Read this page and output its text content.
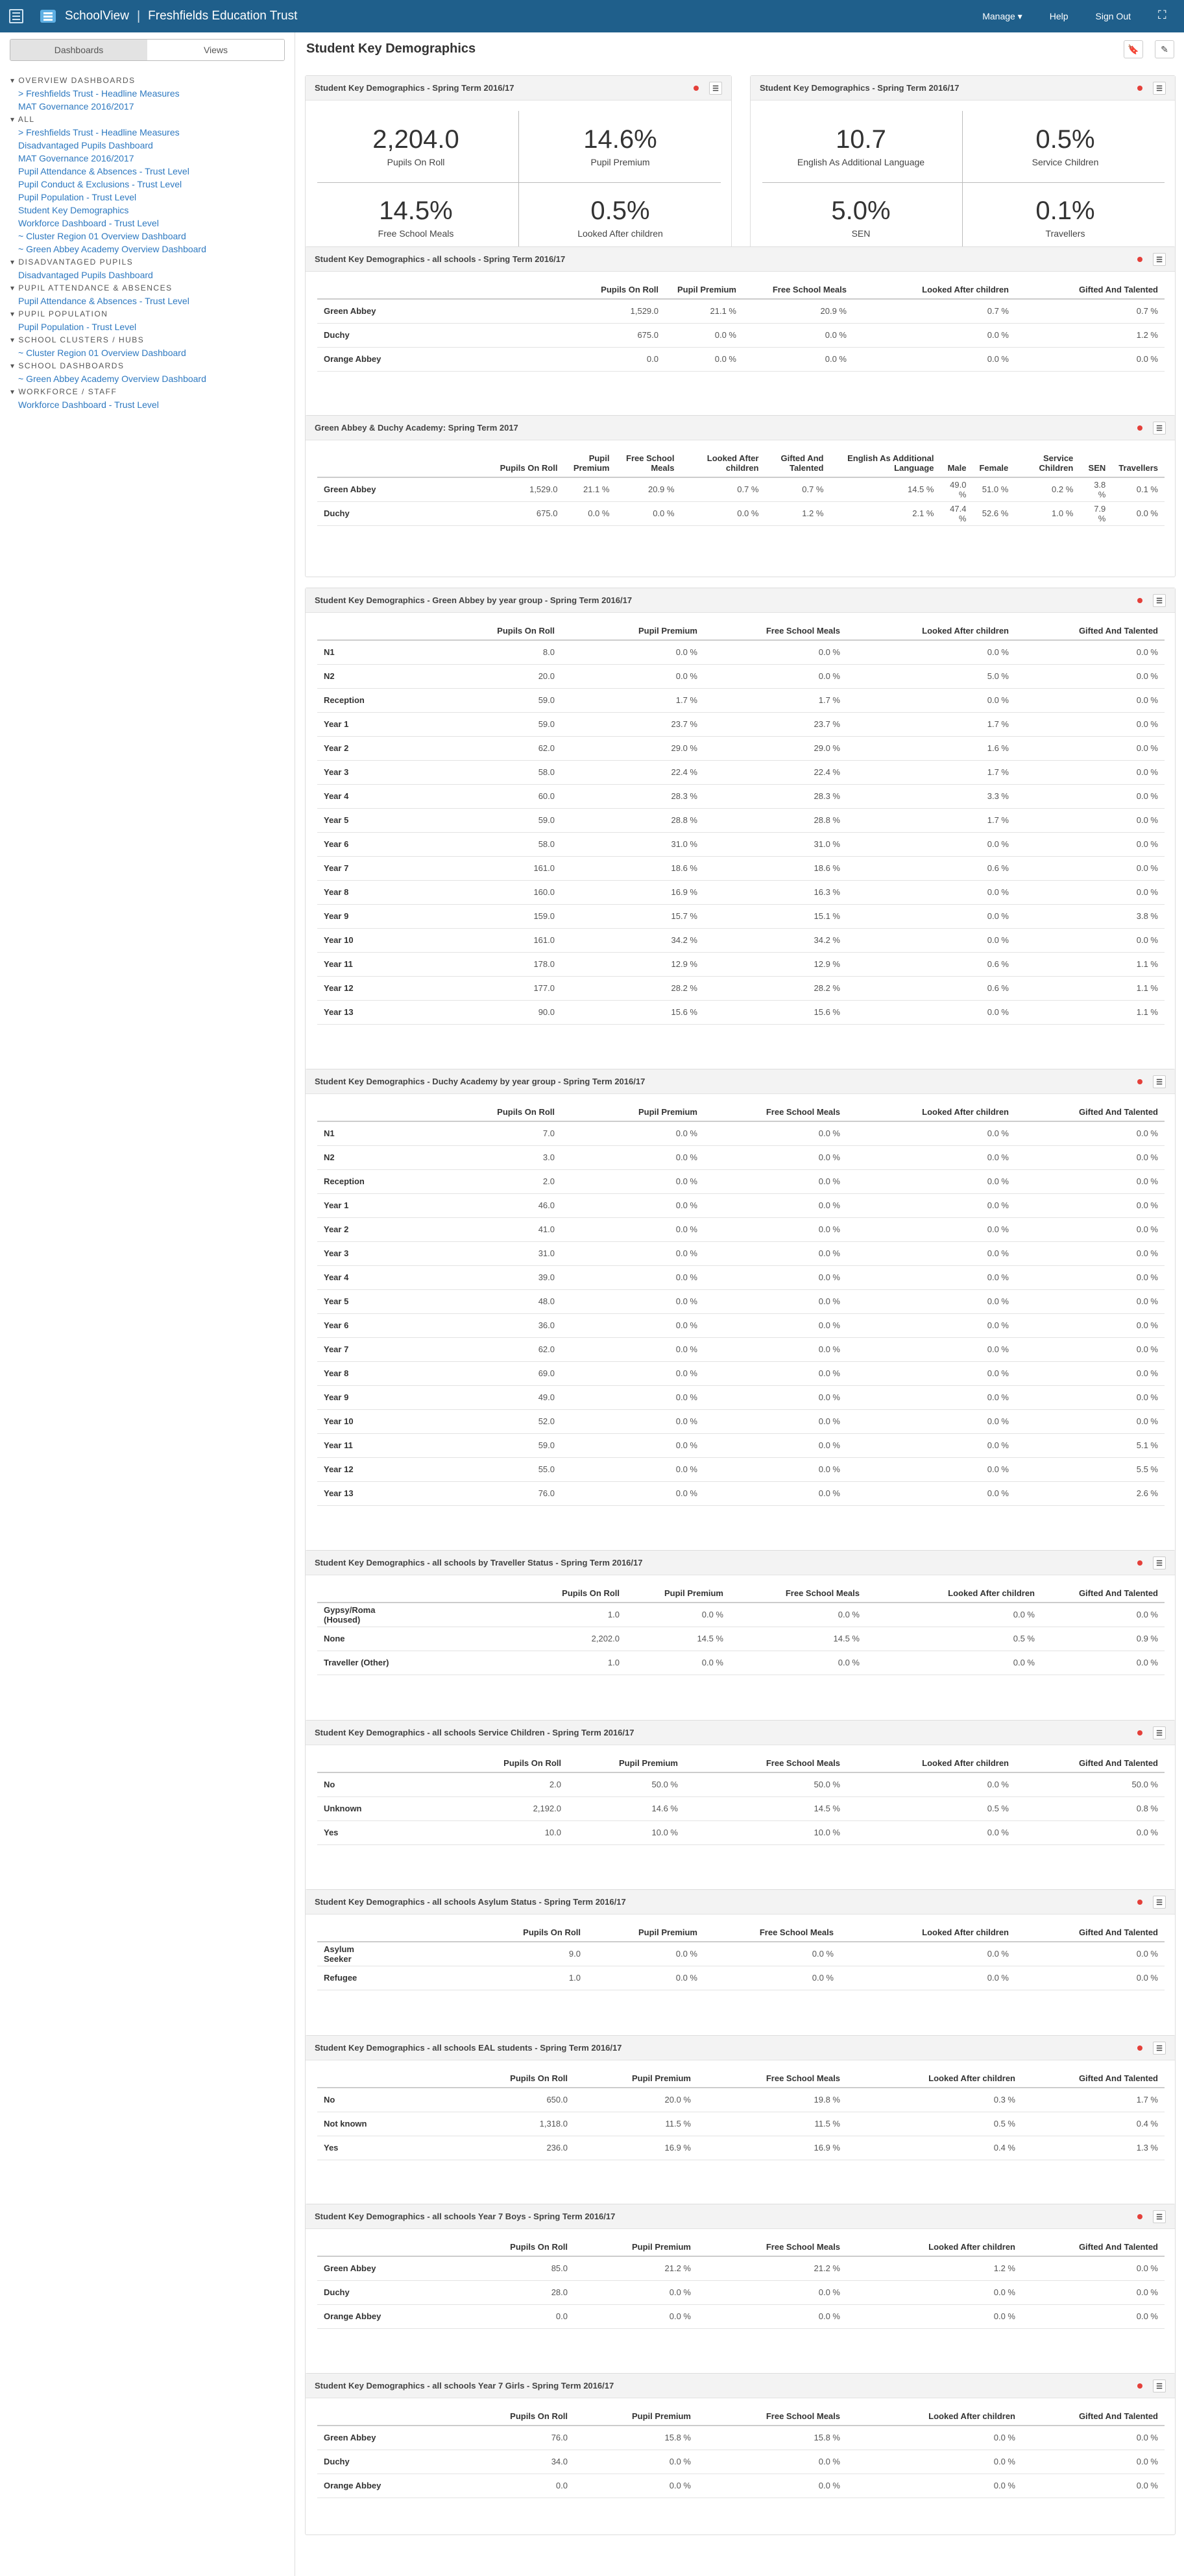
SchoolView | Freshfields Education Trust	Manage ▾	Help	Sign Out
⛶
Dashboards	Views
▾ OVERVIEW DASHBOARDS
> Freshfields Trust - Headline Measures
MAT Governance 2016/2017
▾ ALL
> Freshfields Trust - Headline Measures
Disadvantaged Pupils Dashboard
MAT Governance 2016/2017
Pupil Attendance & Absences - Trust Level
Pupil Conduct & Exclusions - Trust Level
Pupil Population - Trust Level
Student Key Demographics
Workforce Dashboard - Trust Level
~ Cluster Region 01 Overview Dashboard
~ Green Abbey Academy Overview Dashboard
▾ DISADVANTAGED PUPILS
Disadvantaged Pupils Dashboard
▾ PUPIL ATTENDANCE & ABSENCES
Pupil Attendance & Absences - Trust Level
▾ PUPIL POPULATION
Pupil Population - Trust Level
▾ SCHOOL CLUSTERS / HUBS
~ Cluster Region 01 Overview Dashboard
▾ SCHOOL DASHBOARDS
~ Green Abbey Academy Overview Dashboard
▾ WORKFORCE / STAFF
Workforce Dashboard - Trust Level
Student Key Demographics	🔖 ✎
Student Key Demographics - Spring Term 2016/17	☰
2,204.0
Pupils On Roll
14.6%
Pupil Premium
14.5%
Free School Meals
0.5%
Looked After children
Student Key Demographics - Spring Term 2016/17	☰
10.7
English As Additional Language
0.5%
Service Children
5.0%
SEN
0.1%
Travellers
Student Key Demographics - all schools - Spring Term 2016/17	☰
	Pupils On Roll	Pupil Premium	Free School Meals	Looked After children	Gifted And Talented
Green Abbey	1,529.0	21.1 %	20.9 %	0.7 %	0.7 %
Duchy	675.0	0.0 %	0.0 %	0.0 %	1.2 %
Orange Abbey	0.0	0.0 %	0.0 %	0.0 %	0.0 %
Green Abbey & Duchy Academy: Spring Term 2017	☰
	Pupils On Roll	Pupil Premium	Free School Meals	Looked After children	Gifted And Talented	English As Additional Language	Male	Female	Service Children	SEN	Travellers
Green Abbey	1,529.0	21.1 %	20.9 %	0.7 %	0.7 %	14.5 %	49.0 %	51.0 %	0.2 %	3.8 %	0.1 %
Duchy	675.0	0.0 %	0.0 %	0.0 %	1.2 %	2.1 %	47.4 %	52.6 %	1.0 %	7.9 %	0.0 %
Student Key Demographics - Green Abbey by year group - Spring Term 2016/17	☰
	Pupils On Roll	Pupil Premium	Free School Meals	Looked After children	Gifted And Talented
N1	8.0	0.0 %	0.0 %	0.0 %	0.0 %
N2	20.0	0.0 %	0.0 %	5.0 %	0.0 %
Reception	59.0	1.7 %	1.7 %	0.0 %	0.0 %
Year 1	59.0	23.7 %	23.7 %	1.7 %	0.0 %
Year 2	62.0	29.0 %	29.0 %	1.6 %	0.0 %
Year 3	58.0	22.4 %	22.4 %	1.7 %	0.0 %
Year 4	60.0	28.3 %	28.3 %	3.3 %	0.0 %
Year 5	59.0	28.8 %	28.8 %	1.7 %	0.0 %
Year 6	58.0	31.0 %	31.0 %	0.0 %	0.0 %
Year 7	161.0	18.6 %	18.6 %	0.6 %	0.0 %
Year 8	160.0	16.9 %	16.3 %	0.0 %	0.0 %
Year 9	159.0	15.7 %	15.1 %	0.0 %	3.8 %
Year 10	161.0	34.2 %	34.2 %	0.0 %	0.0 %
Year 11	178.0	12.9 %	12.9 %	0.6 %	1.1 %
Year 12	177.0	28.2 %	28.2 %	0.6 %	1.1 %
Year 13	90.0	15.6 %	15.6 %	0.0 %	1.1 %
Student Key Demographics - Duchy Academy by year group - Spring Term 2016/17	☰
	Pupils On Roll	Pupil Premium	Free School Meals	Looked After children	Gifted And Talented
N1	7.0	0.0 %	0.0 %	0.0 %	0.0 %
N2	3.0	0.0 %	0.0 %	0.0 %	0.0 %
Reception	2.0	0.0 %	0.0 %	0.0 %	0.0 %
Year 1	46.0	0.0 %	0.0 %	0.0 %	0.0 %
Year 2	41.0	0.0 %	0.0 %	0.0 %	0.0 %
Year 3	31.0	0.0 %	0.0 %	0.0 %	0.0 %
Year 4	39.0	0.0 %	0.0 %	0.0 %	0.0 %
Year 5	48.0	0.0 %	0.0 %	0.0 %	0.0 %
Year 6	36.0	0.0 %	0.0 %	0.0 %	0.0 %
Year 7	62.0	0.0 %	0.0 %	0.0 %	0.0 %
Year 8	69.0	0.0 %	0.0 %	0.0 %	0.0 %
Year 9	49.0	0.0 %	0.0 %	0.0 %	0.0 %
Year 10	52.0	0.0 %	0.0 %	0.0 %	0.0 %
Year 11	59.0	0.0 %	0.0 %	0.0 %	5.1 %
Year 12	55.0	0.0 %	0.0 %	0.0 %	5.5 %
Year 13	76.0	0.0 %	0.0 %	0.0 %	2.6 %
Student Key Demographics - all schools by Traveller Status - Spring Term 2016/17	☰
	Pupils On Roll	Pupil Premium	Free School Meals	Looked After children	Gifted And Talented
Gypsy/Roma (Housed)	1.0	0.0 %	0.0 %	0.0 %	0.0 %
None	2,202.0	14.5 %	14.5 %	0.5 %	0.9 %
Traveller (Other)	1.0	0.0 %	0.0 %	0.0 %	0.0 %
Student Key Demographics - all schools Service Children - Spring Term 2016/17	☰
	Pupils On Roll	Pupil Premium	Free School Meals	Looked After children	Gifted And Talented
No	2.0	50.0 %	50.0 %	0.0 %	50.0 %
Unknown	2,192.0	14.6 %	14.5 %	0.5 %	0.8 %
Yes	10.0	10.0 %	10.0 %	0.0 %	0.0 %
Student Key Demographics - all schools Asylum Status - Spring Term 2016/17	☰
	Pupils On Roll	Pupil Premium	Free School Meals	Looked After children	Gifted And Talented
Asylum Seeker	9.0	0.0 %	0.0 %	0.0 %	0.0 %
Refugee	1.0	0.0 %	0.0 %	0.0 %	0.0 %
Student Key Demographics - all schools EAL students - Spring Term 2016/17	☰
	Pupils On Roll	Pupil Premium	Free School Meals	Looked After children	Gifted And Talented
No	650.0	20.0 %	19.8 %	0.3 %	1.7 %
Not known	1,318.0	11.5 %	11.5 %	0.5 %	0.4 %
Yes	236.0	16.9 %	16.9 %	0.4 %	1.3 %
Student Key Demographics - all schools Year 7 Boys - Spring Term 2016/17	☰
	Pupils On Roll	Pupil Premium	Free School Meals	Looked After children	Gifted And Talented
Green Abbey	85.0	21.2 %	21.2 %	1.2 %	0.0 %
Duchy	28.0	0.0 %	0.0 %	0.0 %	0.0 %
Orange Abbey	0.0	0.0 %	0.0 %	0.0 %	0.0 %
Student Key Demographics - all schools Year 7 Girls - Spring Term 2016/17	☰
	Pupils On Roll	Pupil Premium	Free School Meals	Looked After children	Gifted And Talented
Green Abbey	76.0	15.8 %	15.8 %	0.0 %	0.0 %
Duchy	34.0	0.0 %	0.0 %	0.0 %	0.0 %
Orange Abbey	0.0	0.0 %	0.0 %	0.0 %	0.0 %
